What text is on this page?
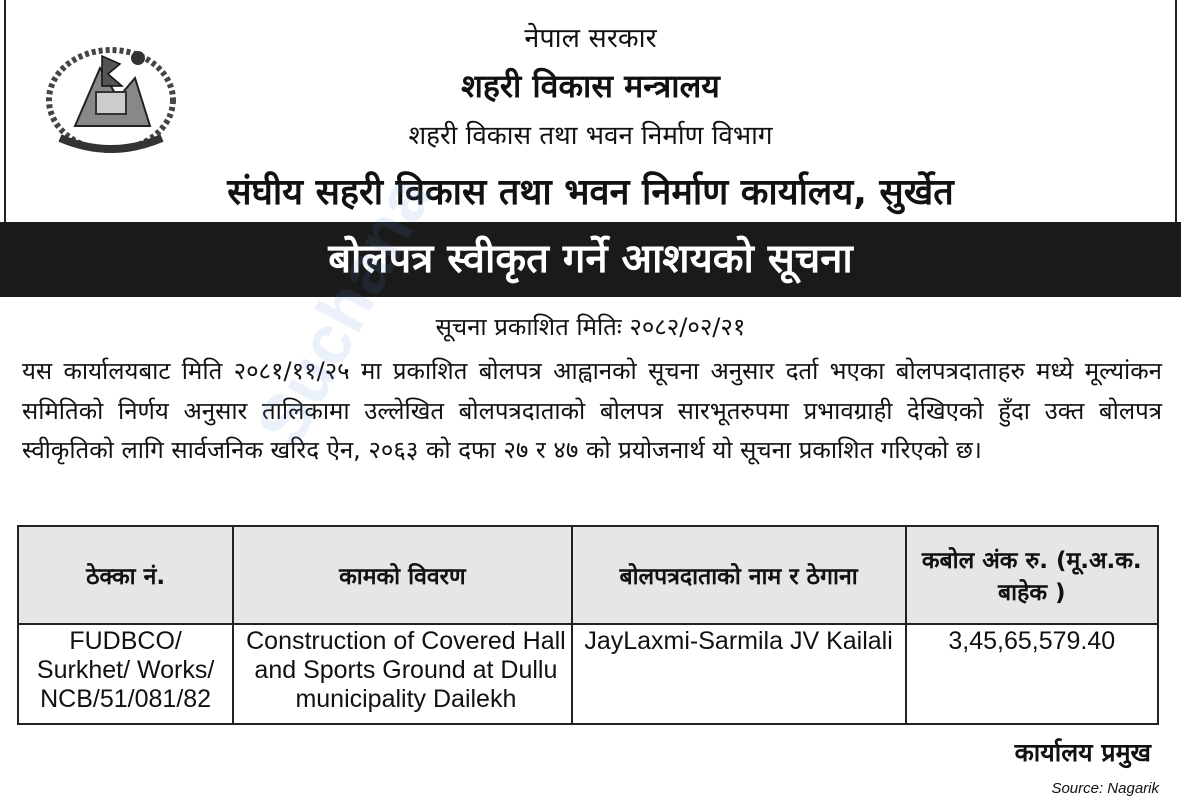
नेपाल सरकार
शहरी विकास मन्त्रालय
शहरी विकास तथा भवन निर्माण विभाग
संघीय सहरी विकास तथा भवन निर्माण कार्यालय, सुर्खेत
बोलपत्र स्वीकृत गर्ने आशयको सूचना
सूचना प्रकाशित मितिः २०८२/०२/२१
यस कार्यालयबाट मिति २०८१/११/२५ मा प्रकाशित बोलपत्र आह्वानको सूचना अनुसार दर्ता भएका बोलपत्रदाताहरु मध्ये मूल्यांकन समितिको निर्णय अनुसार तालिकामा उल्लेखित बोलपत्रदाताको बोलपत्र सारभूतरुपमा प्रभावग्राही देखिएको हुँदा उक्त बोलपत्र स्वीकृतिको लागि सार्वजनिक खरिद ऐन, २०६३ को दफा २७ र ४७ को प्रयोजनार्थ यो सूचना प्रकाशित गरिएको छ।
Suchana
ठेक्का नं.	कामको विवरण	बोलपत्रदाताको नाम र ठेगाना	कबोल अंक रु. (मू.अ.क. बाहेक )
FUDBCO/ Surkhet/ Works/ NCB/51/081/82	Construction of Covered Hall and Sports Ground at Dullu municipality Dailekh	JayLaxmi-Sarmila JV Kailali	3,45,65,579.40
कार्यालय प्रमुख
Source: Nagarik
